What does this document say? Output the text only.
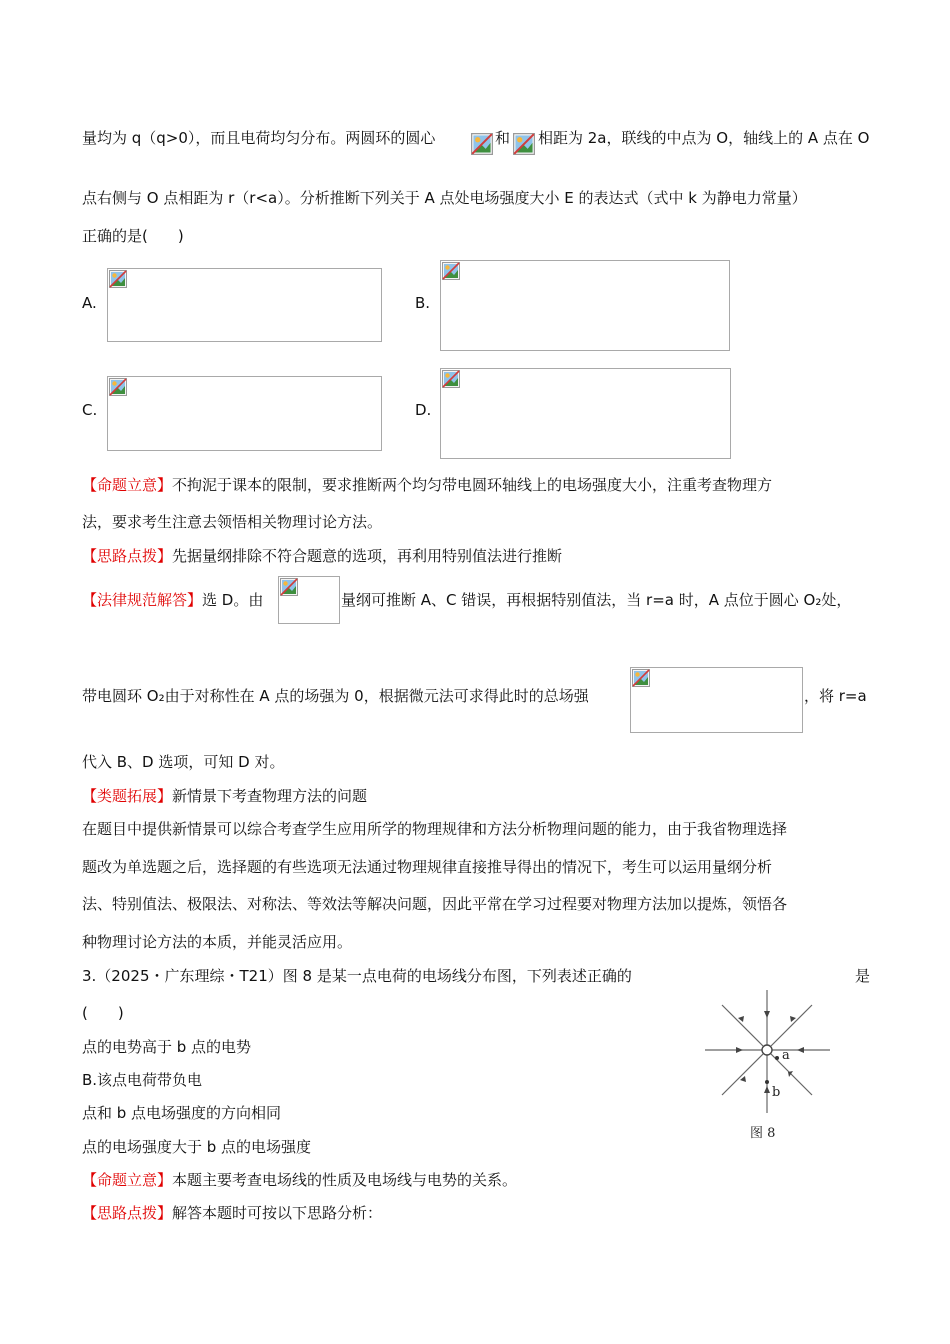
量均为 q（q>0），而且电荷均匀分布。两圆环的圆心	和 相距为 2a，联线的中点为 O，轴线上的 A 点在 O
点右侧与 O 点相距为 r（r<a）。分析推断下列关于 A 点处电场强度大小 E 的表达式（式中 k 为静电力常量）
正确的是(　　)
A.	B.
C.	D.
【命题立意】不拘泥于课本的限制，要求推断两个均匀带电圆环轴线上的电场强度大小，注重考查物理方
法，要求考生注意去领悟相关物理讨论方法。
【思路点拨】先据量纲排除不符合题意的选项，再利用特别值法进行推断
【法律规范解答】选 D。由	量纲可推断 A、C 错误，再根据特别值法，当 r=a 时，A 点位于圆心 O₂处，
带电圆环 O₂由于对称性在 A 点的场强为 0，根据微元法可求得此时的总场强	，将 r=a
代入 B、D 选项，可知 D 对。
【类题拓展】新情景下考查物理方法的问题
在题目中提供新情景可以综合考查学生应用所学的物理规律和方法分析物理问题的能力，由于我省物理选择
题改为单选题之后，选择题的有些选项无法通过物理规律直接推导得出的情况下，考生可以运用量纲分析
法、特别值法、极限法、对称法、等效法等解决问题，因此平常在学习过程要对物理方法加以提炼，领悟各
种物理讨论方法的本质，并能灵活应用。
3.（2025・广东理综・T21）图 8 是某一点电荷的电场线分布图，下列表述正确的	是
(　　)
点的电势高于 b 点的电势
B.该点电荷带负电
点和 b 点电场强度的方向相同
点的电场强度大于 b 点的电场强度
a
b
图 8
【命题立意】本题主要考查电场线的性质及电场线与电势的关系。
【思路点拨】解答本题时可按以下思路分析：
